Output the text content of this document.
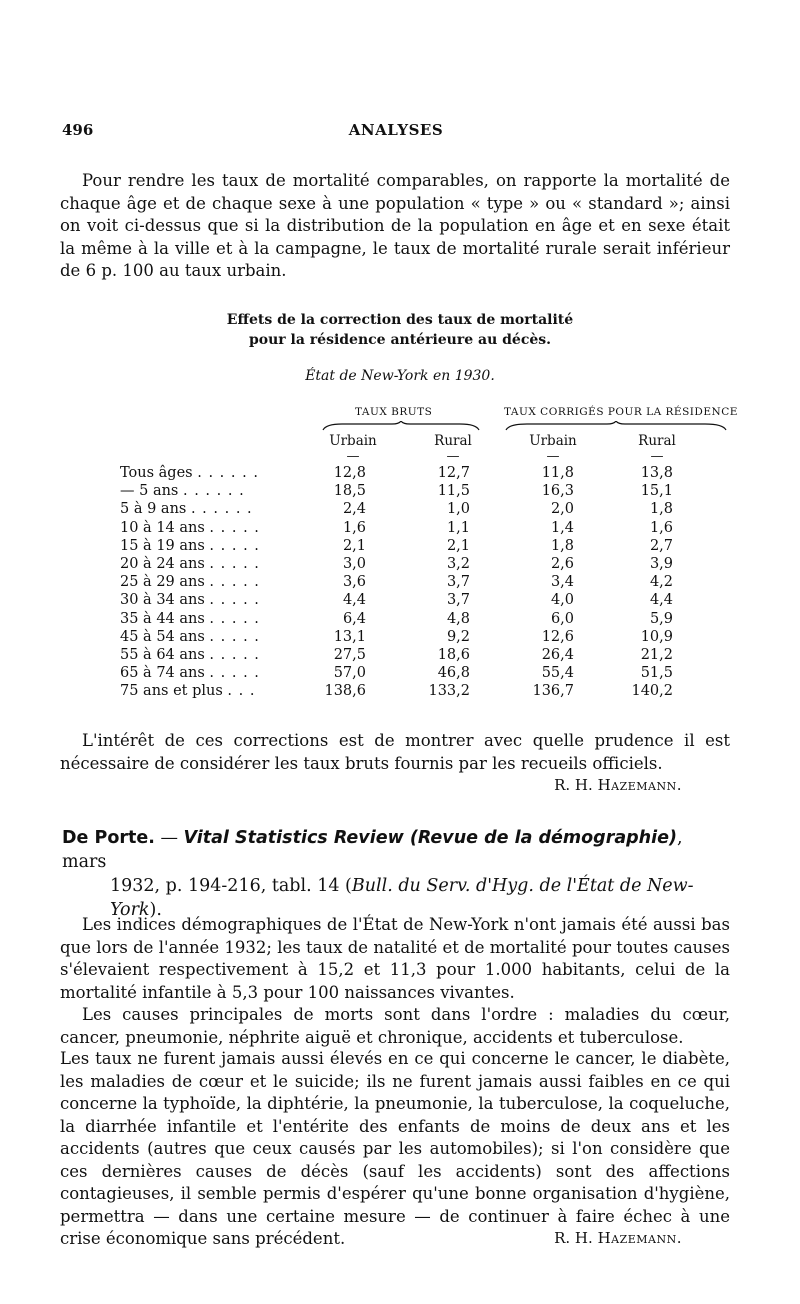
496	ANALYSES

Pour rendre les taux de mortalité comparables, on rapporte la mortalité de chaque âge et de chaque sexe à une population « type » ou « standard »; ainsi on voit ci-dessus que si la distribution de la population en âge et en sexe était la même à la ville et à la campagne, le taux de mortalité rurale serait inférieur de 6 p. 100 au taux urbain.

Effets de la correction des taux de mortalité
pour la résidence antérieure au décès.
État de New-York en 1930.
TAUX BRUTS	TAUX CORRIGÉS POUR LA RÉSIDENCE
Urbain	Rural	Urbain	Rural
—	—	—	—
Tous âges . . . . . .	12,8	12,7	11,8	13,8
— 5 ans . . . . . .	18,5	11,5	16,3	15,1
5 à 9 ans . . . . . .	2,4	1,0	2,0	1,8
10 à 14 ans . . . . .	1,6	1,1	1,4	1,6
15 à 19 ans . . . . .	2,1	2,1	1,8	2,7
20 à 24 ans . . . . .	3,0	3,2	2,6	3,9
25 à 29 ans . . . . .	3,6	3,7	3,4	4,2
30 à 34 ans . . . . .	4,4	3,7	4,0	4,4
35 à 44 ans . . . . .	6,4	4,8	6,0	5,9
45 à 54 ans . . . . .	13,1	9,2	12,6	10,9
55 à 64 ans . . . . .	27,5	18,6	26,4	21,2
65 à 74 ans . . . . .	57,0	46,8	55,4	51,5
75 ans et plus . . .	138,6	133,2	136,7	140,2

L'intérêt de ces corrections est de montrer avec quelle prudence il est nécessaire de considérer les taux bruts fournis par les recueils officiels.

R. H. Hazemann.
De Porte. — Vital Statistics Review (Revue de la démographie), mars
1932, p. 194-216, tabl. 14 (Bull. du Serv. d'Hyg. de l'État de New-York).

Les indices démographiques de l'État de New-York n'ont jamais été aussi bas que lors de l'année 1932; les taux de natalité et de mortalité pour toutes causes s'élevaient respectivement à 15,2 et 11,3 pour 1.000 habitants, celui de la mortalité infantile à 5,3 pour 100 naissances vivantes.

Les causes principales de morts sont dans l'ordre : maladies du cœur, cancer, pneumonie, néphrite aiguë et chronique, accidents et tuberculose.

Les taux ne furent jamais aussi élevés en ce qui concerne le cancer, le diabète, les maladies de cœur et le suicide; ils ne furent jamais aussi faibles en ce qui concerne la typhoïde, la diphtérie, la pneumonie, la tuberculose, la coqueluche, la diarrhée infantile et l'entérite des enfants de moins de deux ans et les accidents (autres que ceux causés par les automobiles); si l'on considère que ces dernières causes de décès (sauf les accidents) sont des affections contagieuses, il semble permis d'espérer qu'une bonne organisation d'hygiène, permettra — dans une certaine mesure — de continuer à faire échec à une crise économique sans précédent.	R. H. Hazemann.
